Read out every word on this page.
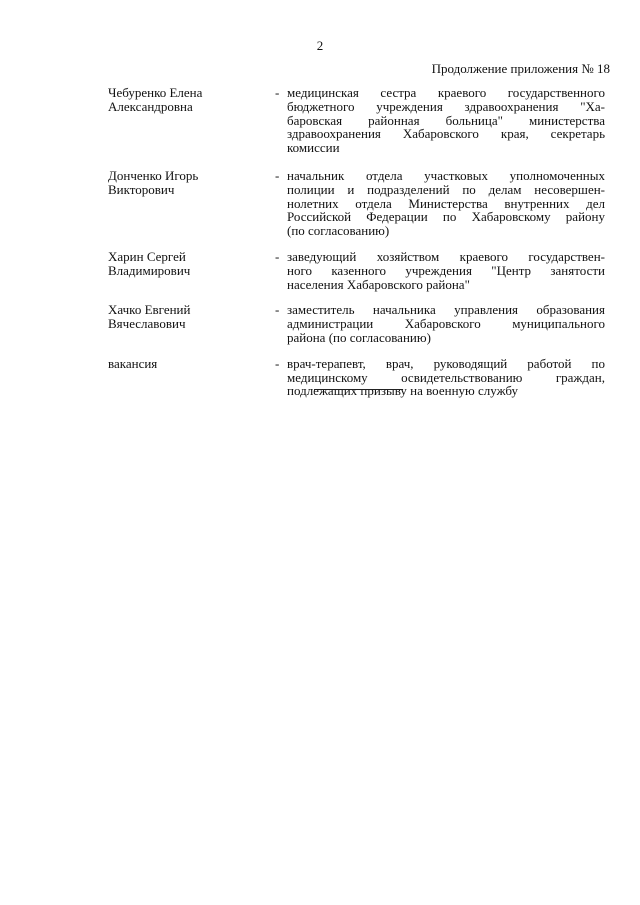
2
Продолжение приложения № 18
Чебуренко Елена
Александровна
- медицинская сестра краевого государственного
бюджетного учреждения здравоохранения "Ха-
баровская районная больница" министерства
здравоохранения Хабаровского края, секретарь
комиссии
Донченко Игорь
Викторович
- начальник отдела участковых уполномоченных
полиции и подразделений по делам несовершен-
нолетних отдела Министерства внутренних дел
Российской Федерации по Хабаровскому району
(по согласованию)
Харин Сергей
Владимирович
- заведующий хозяйством краевого государствен-
ного казенного учреждения "Центр занятости
населения Хабаровского района"
Хачко Евгений
Вячеславович
- заместитель начальника управления образования
администрации Хабаровского муниципального
района (по согласованию)
вакансия	- врач-терапевт, врач, руководящий работой по
медицинскому освидетельствованию граждан,
подлежащих призыву на военную службу
